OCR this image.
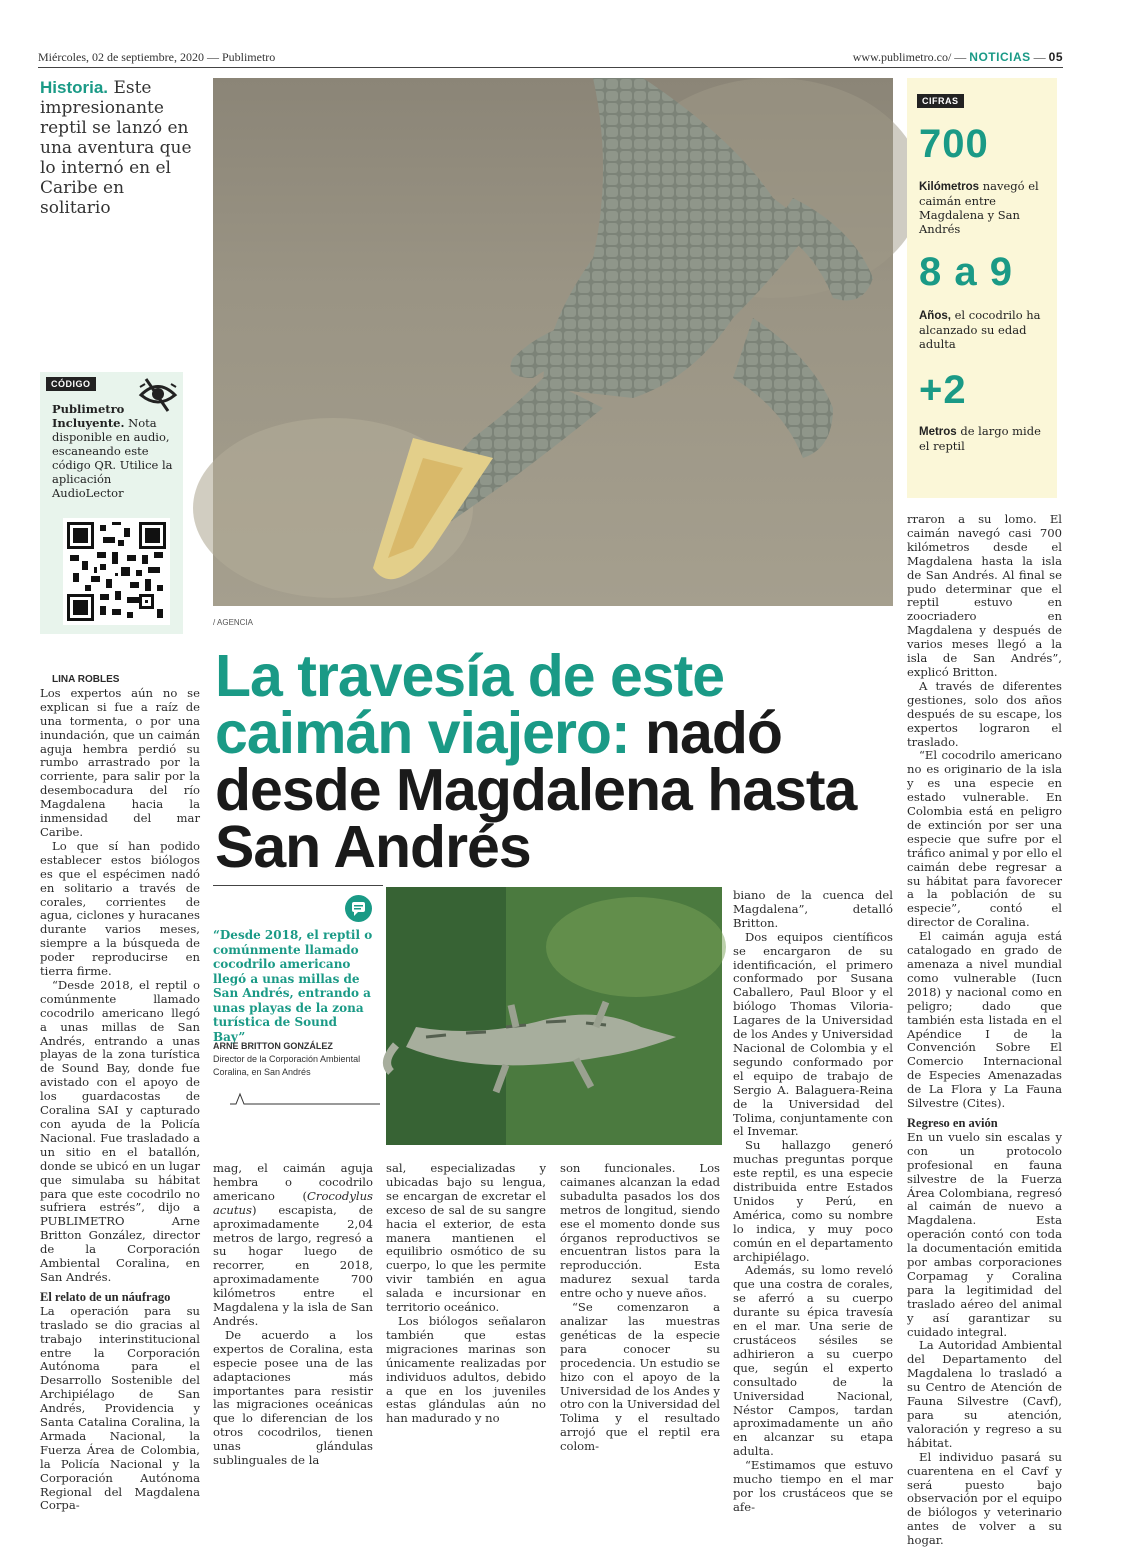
Miércoles, 02 de septiembre, 2020 — Publimetro	www.publimetro.co/ — NOTICIAS — 05
Historia. Este impresionante reptil se lanzó en una aventura que lo internó en el Caribe en solitario
CÓDIGO
Publimetro Incluyente. Nota disponible en audio, escaneando este código QR. Utilice la aplicación AudioLector
/ AGENCIA
CIFRAS
700
Kilómetros navegó el caimán entre Magdalena y San Andrés
8 a 9
Años, el cocodrilo ha alcanzado su edad adulta
+2
Metros de largo mide el reptil
La travesía de este caimán viajero: nadó desde Magdalena hasta San Andrés
“Desde 2018, el reptil o comúnmente llamado cocodrilo americano llegó a unas millas de San Andrés, entrando a unas playas de la zona turística de Sound Bay”
ARNE BRITTON GONZÁLEZ
Director de la Corporación Ambiental Coralina, en San Andrés

LINA ROBLES

Los expertos aún no se explican si fue a raíz de una tormenta, o por una inundación, que un caimán aguja hembra perdió su rumbo arrastrado por la corriente, para salir por la desembocadura del río Magdalena hacia la inmensidad del mar Caribe.

Lo que sí han podido establecer estos biólogos es que el espécimen nadó en solitario a través de corales, corrientes de agua, ciclones y huracanes durante varios meses, siempre a la búsqueda de poder reproducirse en tierra firme.

“Desde 2018, el reptil o comúnmente llamado cocodrilo americano llegó a unas millas de San Andrés, entrando a unas playas de la zona turística de Sound Bay, donde fue avistado con el apoyo de los guardacostas de Coralina SAI y capturado con ayuda de la Policía Nacional. Fue trasladado a un sitio en el batallón, donde se ubicó en un lugar que simulaba su hábitat para que este cocodrilo no sufriera estrés”, dijo a PUBLIMETRO Arne Britton González, director de la Corporación Ambiental Coralina, en San Andrés.

El relato de un náufrago

La operación para su traslado se dio gracias al trabajo interinstitucional entre la Corporación Autónoma para el Desarrollo Sostenible del Archipiélago de San Andrés, Providencia y Santa Catalina Coralina, la Armada Nacional, la Fuerza Área de Colombia, la Policía Nacional y la Corporación Autónoma Regional del Magdalena Corpa-

mag, el caimán aguja hembra o cocodrilo americano (Crocodylus acutus) escapista, de aproximadamente 2,04 metros de largo, regresó a su hogar luego de recorrer, en 2018, aproximadamente 700 kilómetros entre el Magdalena y la isla de San Andrés.

De acuerdo a los expertos de Coralina, esta especie posee una de las adaptaciones más importantes para resistir las migraciones oceánicas que lo diferencian de los otros cocodrilos, tienen unas glándulas sublinguales de la

sal, especializadas y ubicadas bajo su lengua, se encargan de excretar el exceso de sal de su sangre hacia el exterior, de esta manera mantienen el equilibrio osmótico de su cuerpo, lo que les permite vivir también en agua salada e incursionar en territorio oceánico.

Los biólogos señalaron también que estas migraciones marinas son únicamente realizadas por individuos adultos, debido a que en los juveniles estas glándulas aún no han madurado y no

son funcionales. Los caimanes alcanzan la edad subadulta pasados los dos metros de longitud, siendo ese el momento donde sus órganos reproductivos se encuentran listos para la reproducción. Esta madurez sexual tarda entre ocho y nueve años.

“Se comenzaron a analizar las muestras genéticas de la especie para conocer su procedencia. Un estudio se hizo con el apoyo de la Universidad de los Andes y otro con la Universidad del Tolima y el resultado arrojó que el reptil era colom-

biano de la cuenca del Magdalena”, detalló Britton.

Dos equipos científicos se encargaron de su identificación, el primero conformado por Susana Caballero, Paul Bloor y el biólogo Thomas Viloria-Lagares de la Universidad de los Andes y Universidad Nacional de Colombia y el segundo conformado por el equipo de trabajo de Sergio A. Balaguera-Reina de la Universidad del Tolima, conjuntamente con el Invemar.

Su hallazgo generó muchas preguntas porque este reptil, es una especie distribuida entre Estados Unidos y Perú, en América, como su nombre lo indica, y muy poco común en el departamento archipiélago.

Además, su lomo reveló que una costra de corales, se aferró a su cuerpo durante su épica travesía en el mar. Una serie de crustáceos sésiles se adhirieron a su cuerpo que, según el experto consultado de la Universidad Nacional, Néstor Campos, tardan aproximadamente un año en alcanzar su etapa adulta.

“Estimamos que estuvo mucho tiempo en el mar por los crustáceos que se afe-

rraron a su lomo. El caimán navegó casi 700 kilómetros desde el Magdalena hasta la isla de San Andrés. Al final se pudo determinar que el reptil estuvo en zoocriadero en Magdalena y después de varios meses llegó a la isla de San Andrés”, explicó Britton.

A través de diferentes gestiones, solo dos años después de su escape, los expertos lograron el traslado.

“El cocodrilo americano no es originario de la isla y es una especie en estado vulnerable. En Colombia está en peligro de extinción por ser una especie que sufre por el tráfico animal y por ello el caimán debe regresar a su hábitat para favorecer a la población de su especie”, contó el director de Coralina.

El caimán aguja está catalogado en grado de amenaza a nivel mundial como vulnerable (Iucn 2018) y nacional como en peligro; dado que también esta listada en el Apéndice I de la Convención Sobre El Comercio Internacional de Especies Amenazadas de La Flora y La Fauna Silvestre (Cites).

Regreso en avión

En un vuelo sin escalas y con un protocolo profesional en fauna silvestre de la Fuerza Área Colombiana, regresó al caimán de nuevo a Magdalena. Esta operación contó con toda la documentación emitida por ambas corporaciones Corpamag y Coralina para la legitimidad del traslado aéreo del animal y así garantizar su cuidado integral.

La Autoridad Ambiental del Departamento del Magdalena lo trasladó a su Centro de Atención de Fauna Silvestre (Cavf), para su atención, valoración y regreso a su hábitat.

El individuo pasará su cuarentena en el Cavf y será puesto bajo observación por el equipo de biólogos y veterinario antes de volver a su hogar.
